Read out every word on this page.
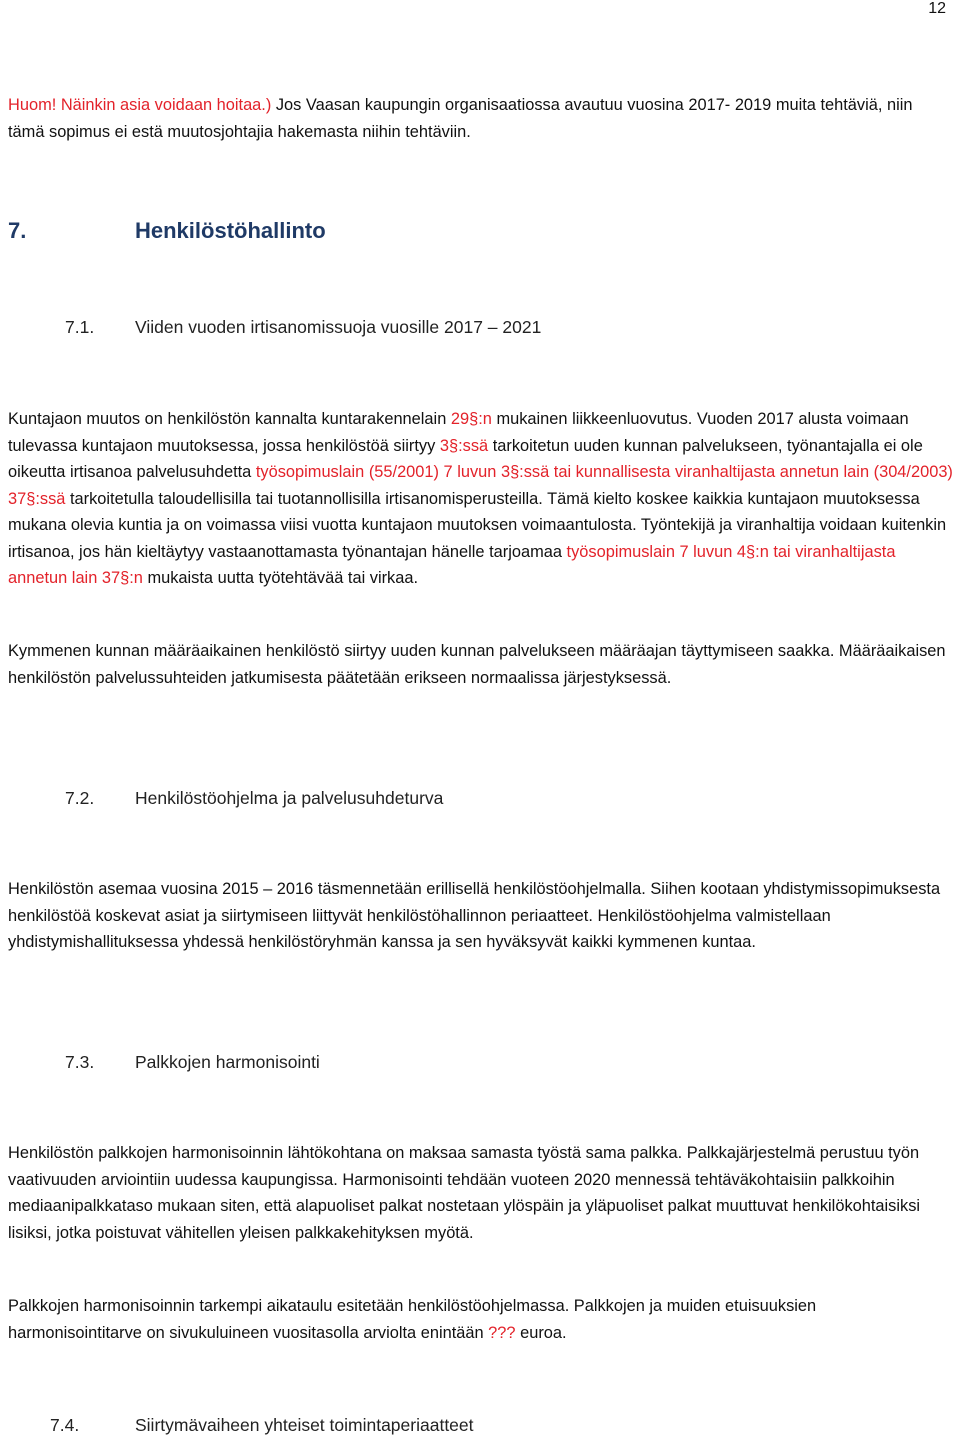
12

Huom! Näinkin asia voidaan hoitaa.) Jos Vaasan kaupungin organisaatiossa avautuu vuosina 2017- 2019 muita tehtäviä, niin tämä sopimus ei estä muutosjohtajia hakemasta niihin tehtäviin.

7.	Henkilöstöhallinto
7.1. Viiden vuoden irtisanomissuoja vuosille 2017 – 2021

Kuntajaon muutos on henkilöstön kannalta kuntarakennelain 29§:n mukainen liikkeenluovutus. Vuoden 2017 alusta voimaan tulevassa kuntajaon muutoksessa, jossa henkilöstöä siirtyy 3§:ssä tarkoitetun uuden kunnan palvelukseen, työnantajalla ei ole oikeutta irtisanoa palvelusuhdetta työsopimuslain (55/2001) 7 luvun 3§:ssä tai kunnallisesta viranhaltijasta annetun lain (304/2003) 37§:ssä tarkoitetulla taloudellisilla tai tuotannollisilla irtisanomisperusteilla. Tämä kielto koskee kaikkia kuntajaon muutoksessa mukana olevia kuntia ja on voimassa viisi vuotta kuntajaon muutoksen voimaantulosta. Työntekijä ja viranhaltija voidaan kuitenkin irtisanoa, jos hän kieltäytyy vastaanottamasta työnantajan hänelle tarjoamaa työsopimuslain 7 luvun 4§:n tai viranhaltijasta annetun lain 37§:n mukaista uutta työtehtävää tai virkaa.

Kymmenen kunnan määräaikainen henkilöstö siirtyy uuden kunnan palvelukseen määräajan täyttymiseen saakka. Määräaikaisen henkilöstön palvelussuhteiden jatkumisesta päätetään erikseen normaalissa järjestyksessä.

7.2. Henkilöstöohjelma ja palvelusuhdeturva

Henkilöstön asemaa vuosina 2015 – 2016 täsmennetään erillisellä henkilöstöohjelmalla. Siihen kootaan yhdistymissopimuksesta henkilöstöä koskevat asiat ja siirtymiseen liittyvät henkilöstöhallinnon periaatteet. Henkilöstöohjelma valmistellaan yhdistymishallituksessa yhdessä henkilöstöryhmän kanssa ja sen hyväksyvät kaikki kymmenen kuntaa.

7.3. Palkkojen harmonisointi

Henkilöstön palkkojen harmonisoinnin lähtökohtana on maksaa samasta työstä sama palkka. Palkkajärjestelmä perustuu työn vaativuuden arviointiin uudessa kaupungissa. Harmonisointi tehdään vuoteen 2020 mennessä tehtäväkohtaisiin palkkoihin mediaanipalkkataso mukaan siten, että alapuoliset palkat nostetaan ylöspäin ja yläpuoliset palkat muuttuvat henkilökohtaisiksi lisiksi, jotka poistuvat vähitellen yleisen palkkakehityksen myötä.

Palkkojen harmonisoinnin tarkempi aikataulu esitetään henkilöstöohjelmassa. Palkkojen ja muiden etuisuuksien harmonisointitarve on sivukuluineen vuositasolla arviolta enintään ??? euroa.

7.4.	Siirtymävaiheen yhteiset toimintaperiaatteet
